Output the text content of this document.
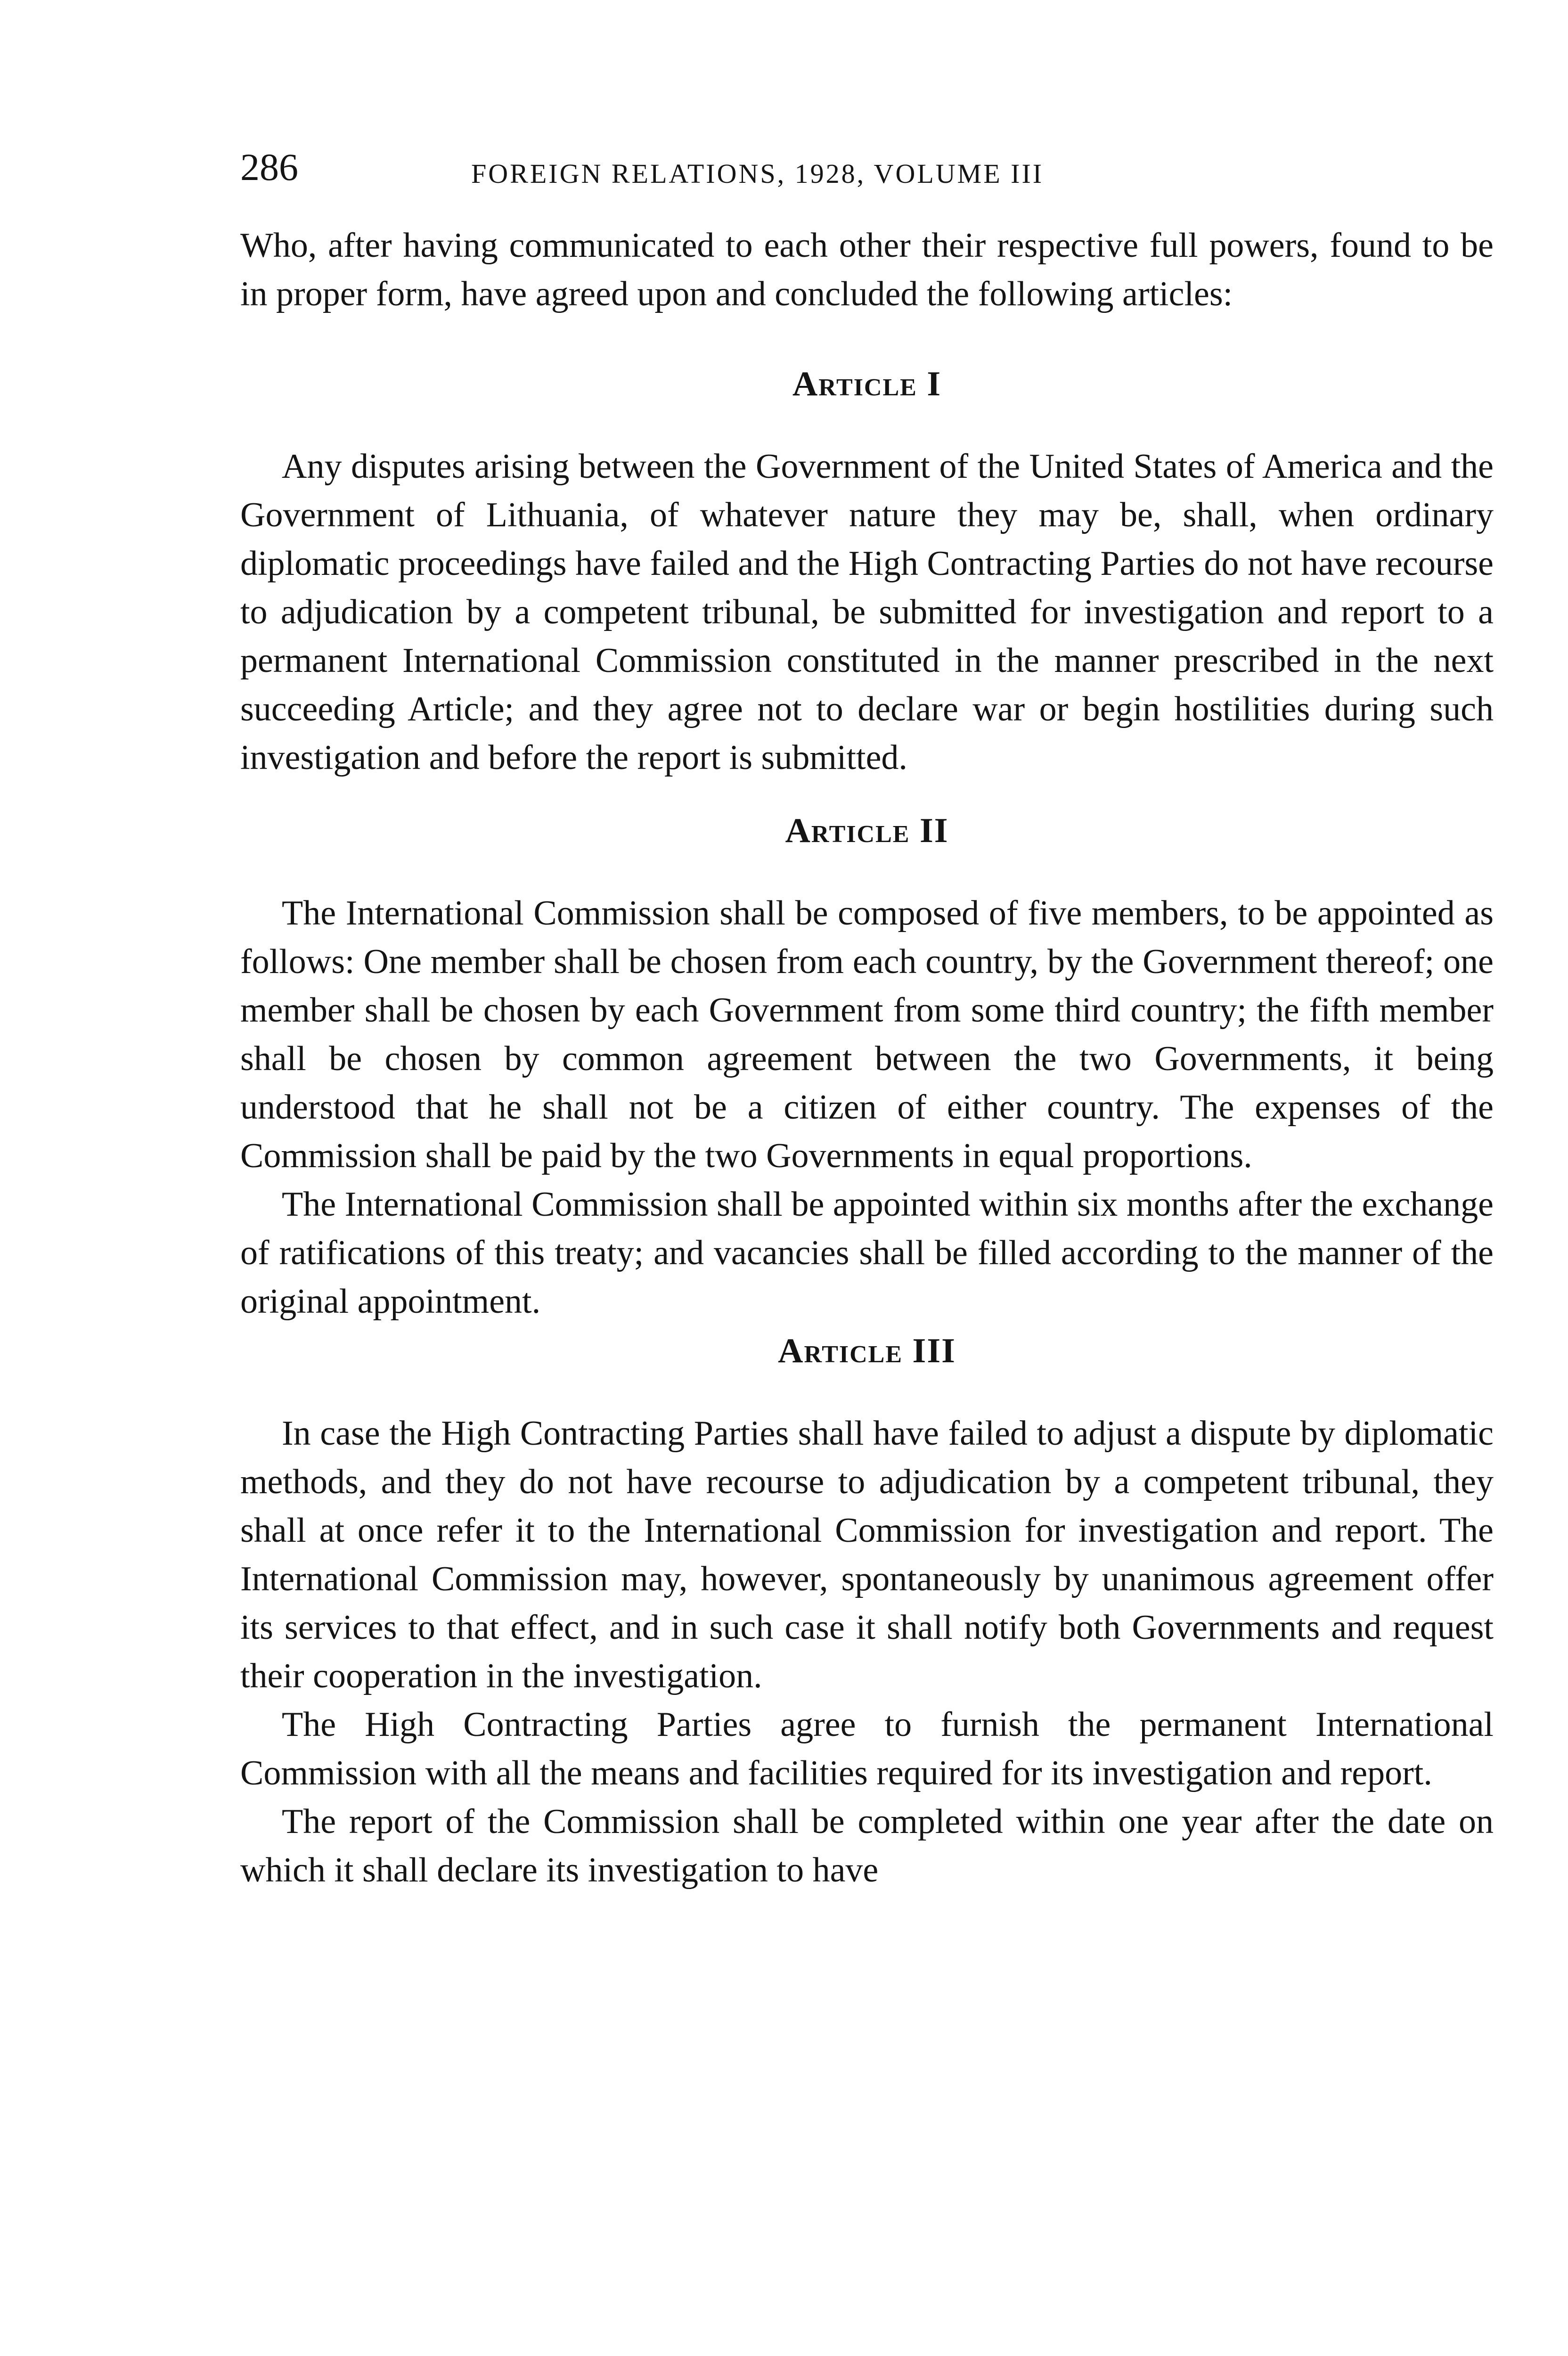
286	FOREIGN RELATIONS, 1928, VOLUME III

Who, after having communicated to each other their respective full powers, found to be in proper form, have agreed upon and concluded the following articles:

Article I

Any disputes arising between the Government of the United States of America and the Government of Lithuania, of whatever nature they may be, shall, when ordinary diplomatic proceedings have failed and the High Contracting Parties do not have recourse to adjudication by a competent tribunal, be submitted for investigation and report to a permanent International Commission constituted in the manner prescribed in the next succeeding Article; and they agree not to declare war or begin hostilities during such investigation and before the report is submitted.

Article II

The International Commission shall be composed of five members, to be appointed as follows: One member shall be chosen from each country, by the Government thereof; one member shall be chosen by each Government from some third country; the fifth member shall be chosen by common agreement between the two Governments, it being understood that he shall not be a citizen of either country. The expenses of the Commission shall be paid by the two Governments in equal proportions.

The International Commission shall be appointed within six months after the exchange of ratifications of this treaty; and vacancies shall be filled according to the manner of the original appointment.

Article III

In case the High Contracting Parties shall have failed to adjust a dispute by diplomatic methods, and they do not have recourse to adjudication by a competent tribunal, they shall at once refer it to the International Commission for investigation and report. The International Commission may, however, spontaneously by unanimous agreement offer its services to that effect, and in such case it shall notify both Governments and request their cooperation in the investigation.

The High Contracting Parties agree to furnish the permanent International Commission with all the means and facilities required for its investigation and report.

The report of the Commission shall be completed within one year after the date on which it shall declare its investigation to have
